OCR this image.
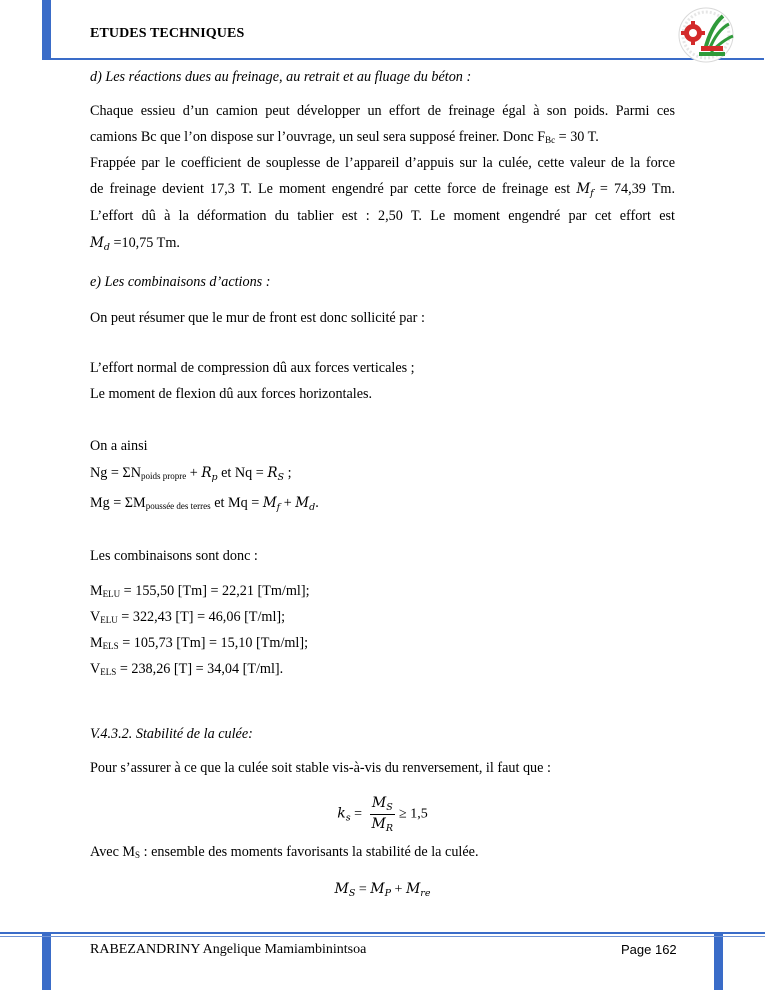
ETUDES TECHNIQUES
d) Les réactions dues au freinage, au retrait et au fluage du béton :
Chaque essieu d’un camion peut développer un effort de freinage égal à son poids. Parmi ces
camions Bc que l’on dispose sur l’ouvrage, un seul sera supposé freiner. Donc $F_{Bc} = 30$ T.
Frappée par le coefficient de souplesse de l’appareil d’appuis sur la culée, cette valeur de la force
de freinage devient 17,3 T. Le moment engendré par cette force de freinage est $M_f = 74,39$ Tm.
L’effort dû à la déformation du tablier est : 2,50 T. Le moment engendré par cet effort est
$M_d =10,75$ Tm.
e) Les combinaisons d’actions :
On peut résumer que le mur de front est donc sollicité par :
L’effort normal de compression dû aux forces verticales ;
Le moment de flexion dû aux forces horizontales.
On a ainsi
$Ng = \Sigma N_{poids propre} + R_p$ et $Nq = R_S$ ;
$Mg = \Sigma M_{poussée des terres}$ et $Mq = M_f + M_d$.
Les combinaisons sont donc :
$M_{ELU} = 155,50$ [Tm] = 22,21 [Tm/ml];
$V_{ELU} = 322,43$ [T] = 46,06 [T/ml];
$M_{ELS} = 105,73$ [Tm] = 15,10 [Tm/ml];
$V_{ELS} = 238,26$ [T] = 34,04 [T/ml].
V.4.3.2. Stabilité de la culée:
Pour s’assurer à ce que la culée soit stable vis-à-vis du renversement, il faut que :
$k_s = \frac{M_S}{M_R} \ge 1,5$
Avec $M_S$ : ensemble des moments favorisants la stabilité de la culée.
$M_S = M_P + M_{re}$
RABEZANDRINY Angelique Mamiambinintsoa	Page 162
